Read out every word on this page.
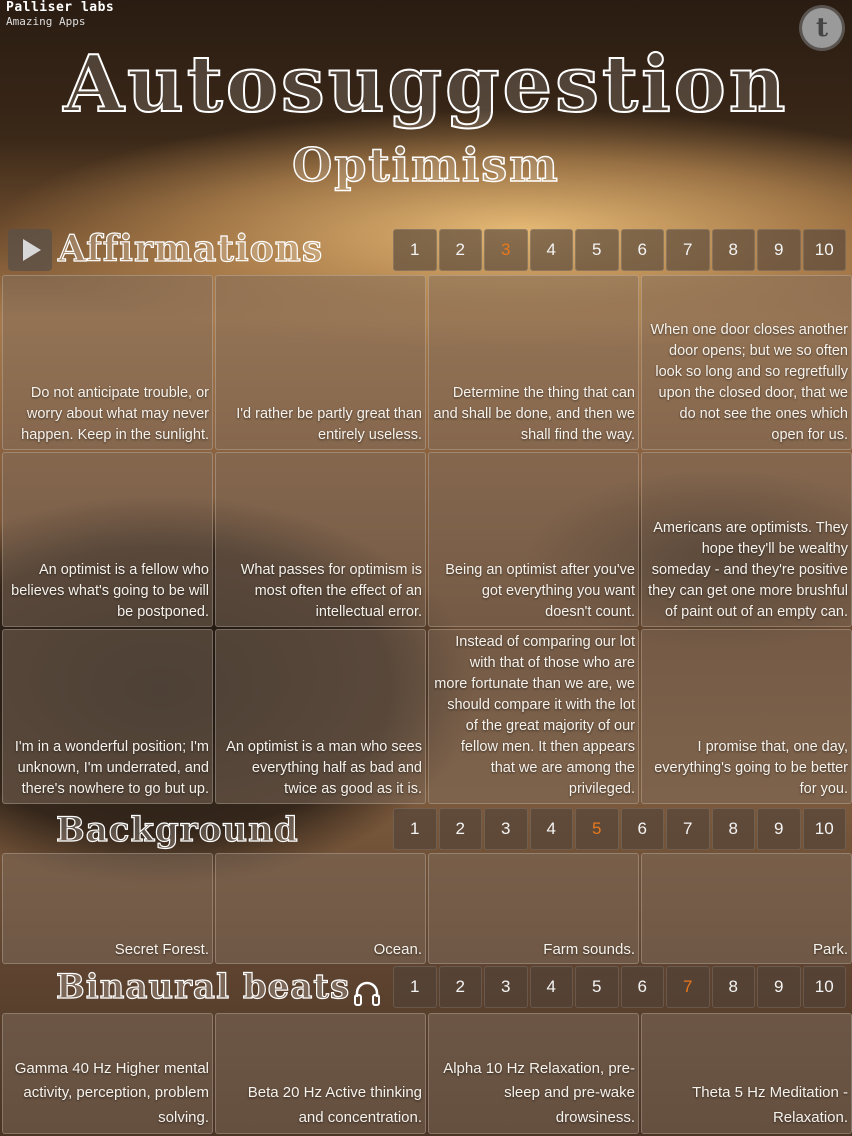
Palliser labs
Amazing Apps	t
Autosuggestion
Optimism
Affirmations	1	2	3	4	5	6	7	8	9	10
Do not anticipate trouble, or worry about what may never happen. Keep in the sunlight.
I'd rather be partly great than entirely useless.
Determine the thing that can and shall be done, and then we shall find the way.
When one door closes another door opens; but we so often look so long and so regretfully upon the closed door, that we do not see the ones which open for us.
An optimist is a fellow who believes what's going to be will be postponed.
What passes for optimism is most often the effect of an intellectual error.
Being an optimist after you've got everything you want doesn't count.
Americans are optimists. They hope they'll be wealthy someday - and they're positive they can get one more brushful of paint out of an empty can.
I'm in a wonderful position; I'm unknown, I'm underrated, and there's nowhere to go but up.
An optimist is a man who sees everything half as bad and twice as good as it is.
Instead of comparing our lot with that of those who are more fortunate than we are, we should compare it with the lot of the great majority of our fellow men. It then appears that we are among the privileged.
I promise that, one day, everything's going to be better for you.
Background	1	2	3	4	5	6	7	8	9	10
Secret Forest.	Ocean.	Farm sounds.	Park.
Binaural beats	1	2	3	4	5	6	7	8	9	10
Gamma 40 Hz Higher mental activity, perception, problem solving.
Beta 20 Hz Active thinking and concentration.
Alpha 10 Hz Relaxation, pre-sleep and pre-wake drowsiness.
Theta 5 Hz Meditation - Relaxation.
